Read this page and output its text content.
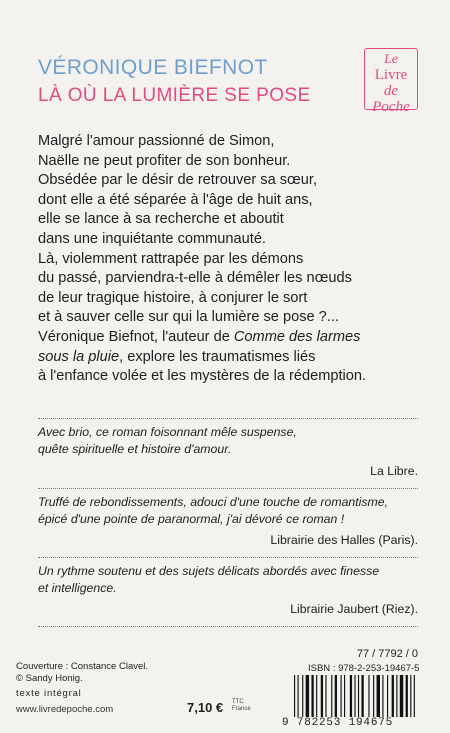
VÉRONIQUE BIEFNOT
LÀ OÙ LA LUMIÈRE SE POSE
Le
Livre
de Poche
Malgré l'amour passionné de Simon,
Naëlle ne peut profiter de son bonheur.
Obsédée par le désir de retrouver sa sœur,
dont elle a été séparée à l'âge de huit ans,
elle se lance à sa recherche et aboutit
dans une inquiétante communauté.
Là, violemment rattrapée par les démons
du passé, parviendra-t-elle à démêler les nœuds
de leur tragique histoire, à conjurer le sort
et à sauver celle sur qui la lumière se pose ?...
Véronique Biefnot, l'auteur de Comme des larmes
sous la pluie, explore les traumatismes liés
à l'enfance volée et les mystères de la rédemption.
Avec brio, ce roman foisonnant mêle suspense,
quête spirituelle et histoire d'amour.
La Libre.
Truffé de rebondissements, adouci d'une touche de romantisme,
épicé d'une pointe de paranormal, j'ai dévoré ce roman !
Librairie des Halles (Paris).
Un rythme soutenu et des sujets délicats abordés avec finesse
et intelligence.
Librairie Jaubert (Riez).
Couverture : Constance Clavel.
© Sandy Honig.
texte intégral
www.livredepoche.com	7,10 € TTC
France
77 / 7792 / 0
ISBN : 978-2-253-19467-5
9 782253 194675
